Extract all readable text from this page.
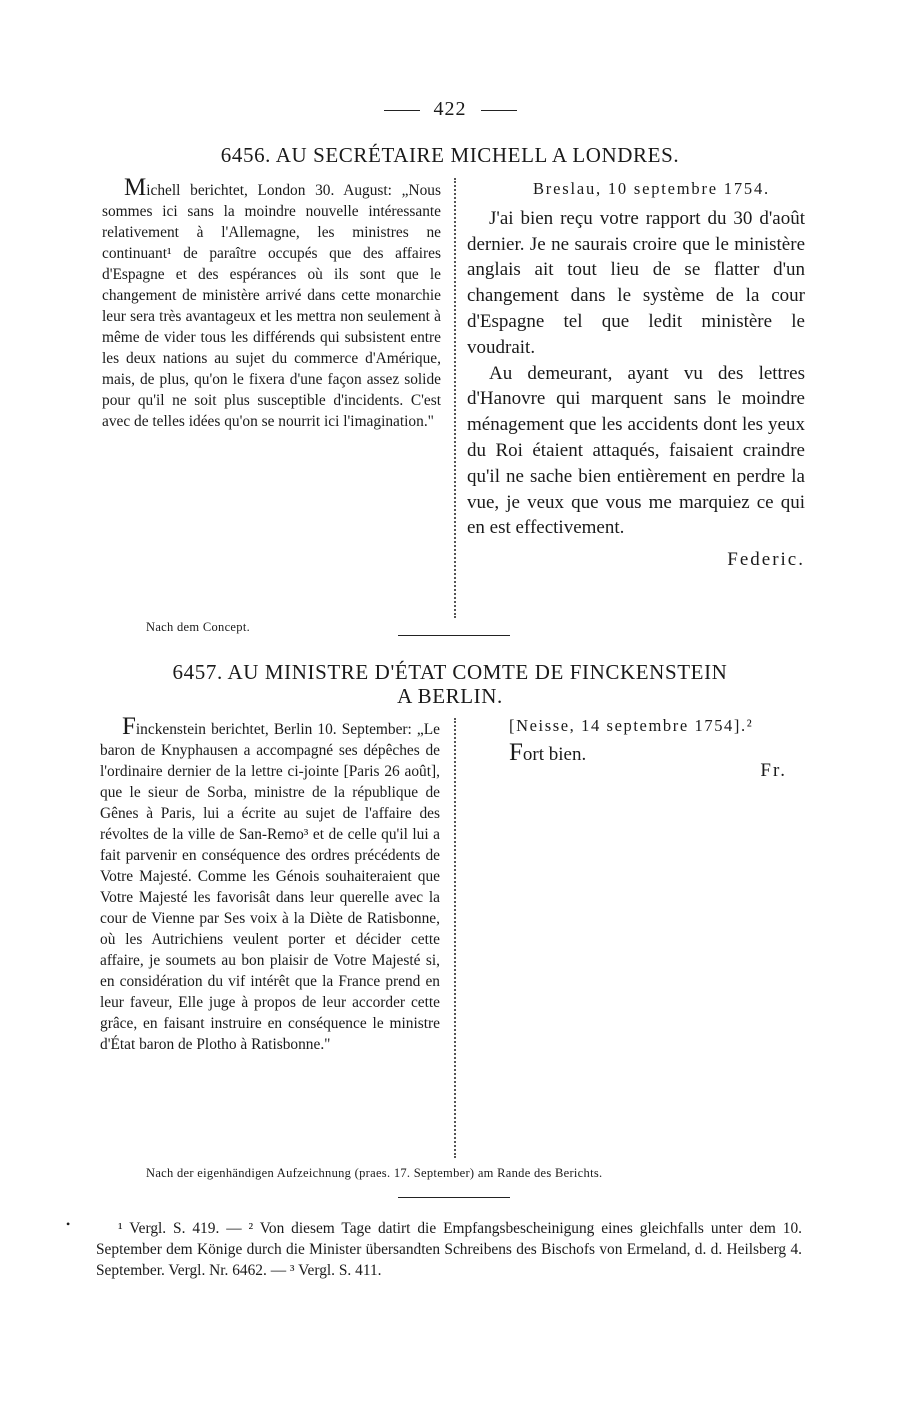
422
6456. AU SECRÉTAIRE MICHELL A LONDRES.

Michell berichtet, London 30. August: „Nous sommes ici sans la moindre nouvelle intéressante relativement à l'Allemagne, les ministres ne continuant¹ de paraître occupés que des affaires d'Espagne et des espérances où ils sont que le changement de ministère arrivé dans cette monarchie leur sera très avantageux et les mettra non seulement à même de vider tous les différends qui subsistent entre les deux nations au sujet du commerce d'Amérique, mais, de plus, qu'on le fixera d'une façon assez solide pour qu'il ne soit plus susceptible d'incidents. C'est avec de telles idées qu'on se nourrit ici l'imagination."

Breslau, 10 septembre 1754.

J'ai bien reçu votre rapport du 30 d'août dernier. Je ne saurais croire que le ministère anglais ait tout lieu de se flatter d'un changement dans le système de la cour d'Espagne tel que ledit ministère le voudrait.

Au demeurant, ayant vu des lettres d'Hanovre qui marquent sans le moindre ménagement que les accidents dont les yeux du Roi étaient attaqués, faisaient craindre qu'il ne sache bien entièrement en perdre la vue, je veux que vous me marquiez ce qui en est effectivement.

Federic.

Nach dem Concept.
6457. AU MINISTRE D'ÉTAT COMTE DE FINCKENSTEIN
A BERLIN.

Finckenstein berichtet, Berlin 10. September: „Le baron de Knyphausen a accompagné ses dépêches de l'ordinaire dernier de la lettre ci-jointe [Paris 26 août], que le sieur de Sorba, ministre de la république de Gênes à Paris, lui a écrite au sujet de l'affaire des révoltes de la ville de San-Remo³ et de celle qu'il lui a fait parvenir en conséquence des ordres précédents de Votre Majesté. Comme les Génois souhaiteraient que Votre Majesté les favorisât dans leur querelle avec la cour de Vienne par Ses voix à la Diète de Ratisbonne, où les Autrichiens veulent porter et décider cette affaire, je soumets au bon plaisir de Votre Majesté si, en considération du vif intérêt que la France prend en leur faveur, Elle juge à propos de leur accorder cette grâce, en faisant instruire en conséquence le ministre d'État baron de Plotho à Ratisbonne."

[Neisse, 14 septembre 1754].²

Fort bien.

Fr.

Nach der eigenhändigen Aufzeichnung (praes. 17. September) am Rande des Berichts.
•	¹ Vergl. S. 419. — ² Von diesem Tage datirt die Empfangsbescheinigung eines gleichfalls unter dem 10. September dem Könige durch die Minister übersandten Schreibens des Bischofs von Ermeland, d. d. Heilsberg 4. September. Vergl. Nr. 6462. — ³ Vergl. S. 411.
